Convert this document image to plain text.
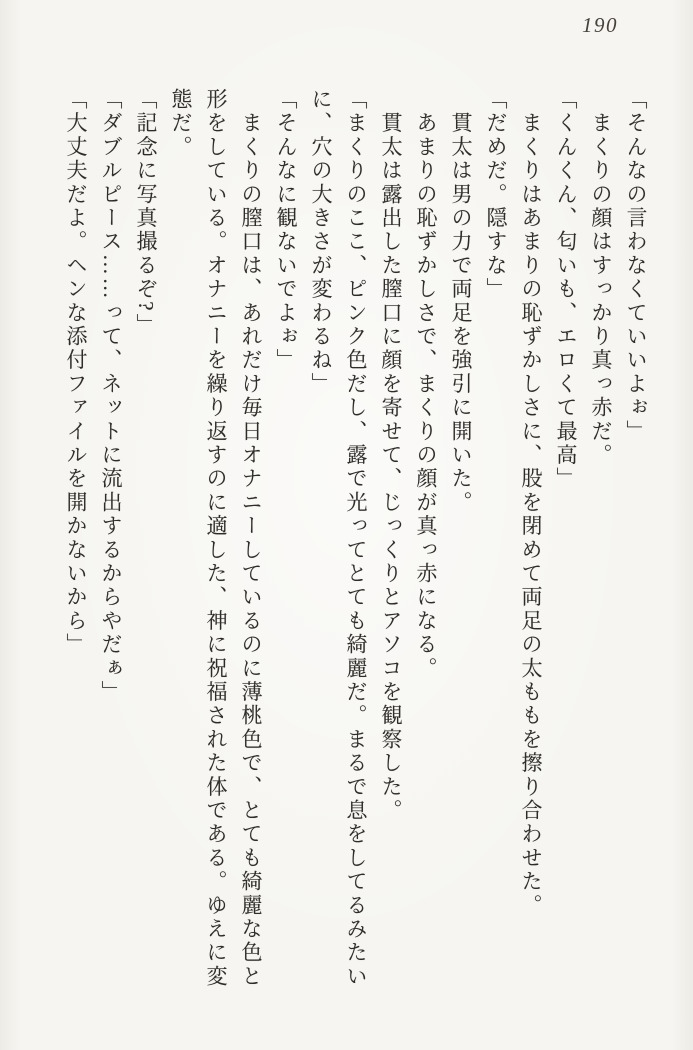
190
「そんなの言わなくていいよぉ」
　まくりの顔はすっかり真っ赤だ。
「くんくん、匂いも、エロくて最高」
　まくりはあまりの恥ずかしさに、股を閉めて両足の太ももを擦り合わせた。
「だめだ。隠すな」
　貫太は男の力で両足を強引に開いた。
　あまりの恥ずかしさで、まくりの顔が真っ赤になる。
　貫太は露出した膣口に顔を寄せて、じっくりとアソコを観察した。
「まくりのここ、ピンク色だし、露で光ってとても綺麗だ。まるで息をしてるみたい
に、穴の大きさが変わるね」
「そんなに観ないでよぉ」
　まくりの膣口は、あれだけ毎日オナニーしているのに薄桃色で、とても綺麗な色と
形をしている。オナニーを繰り返すのに適した、神に祝福された体である。ゆえに変
態だ。
「記念に写真撮るぞ?」
「ダブルピース……って、ネットに流出するからやだぁ」
「大丈夫だよ。ヘンな添付ファイルを開かないから」
